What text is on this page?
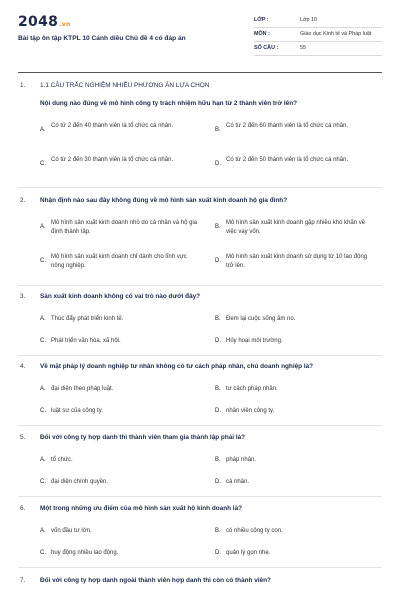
2048.vn
Bài tập ôn tập KTPL 10 Cánh diều Chủ đề 4 có đáp án
LỚP :	Lớp 10
MÔN :	Giáo dục Kinh tế và Pháp luật
SỐ CÂU :	55
1. 1.1 CÂU TRẮC NGHIỆM NHIỀU PHƯƠNG ÁN LỰA CHỌN
Nội dung nào đúng về mô hình công ty trách nhiệm hữu hạn từ 2 thành viên trở lên?
A.
Có từ 2 đến 40 thành viên là tổ chức cá nhân.
B.
Có từ 2 đến 60 thành viên là tổ chức cá nhân.
C.
Có từ 2 đến 30 thành viên là tổ chức cá nhân.
D.
Có từ 2 đến 50 thành viên là tổ chức cá nhân.
2. Nhận định nào sau đây không đúng về mô hình sản xuất kinh doanh hộ gia đình?
A.
Mô hình sản xuất kinh doanh nhỏ do cá nhân và hộ gia đình thành lập.
B.
Mô hình sản xuất kinh doanh gặp nhiều khó khăn về việc vay vốn.
C.
Mô hình sản xuất kinh doanh chỉ dành cho lĩnh vực nông nghiệp.
D.
Mô hình sản xuất kinh doanh sử dụng từ 10 lao động trở lên.
3. Sản xuất kinh doanh không có vai trò nào dưới đây?
A. Thúc đẩy phát triển kinh tế.	B. Đem lại cuộc sống ấm no.
C. Phát triển văn hóa, xã hội.	D. Hủy hoại môi trường.
4. Về mặt pháp lý doanh nghiệp tư nhân không có tư cách pháp nhân, chủ doanh nghiệp là?
A. đại diện theo pháp luật.	B. tư cách pháp nhân.
C. luật sư của công ty.	D. nhân viên công ty.
5. Đối với công ty hợp danh thì thành viên tham gia thành lập phải là?
A. tổ chức.	B. pháp nhân.
C. đại diện chính quyền.	D. cá nhân.
6. Một trong những ưu điểm của mô hình sản xuất hộ kinh doanh là?
A. vốn đầu tư lớn.	B. có nhiều công ty con.
C. huy động nhiều lao động.	D. quản lý gọn nhẹ.
7. Đối với công ty hợp danh ngoài thành viên hợp danh thì còn có thành viên?
